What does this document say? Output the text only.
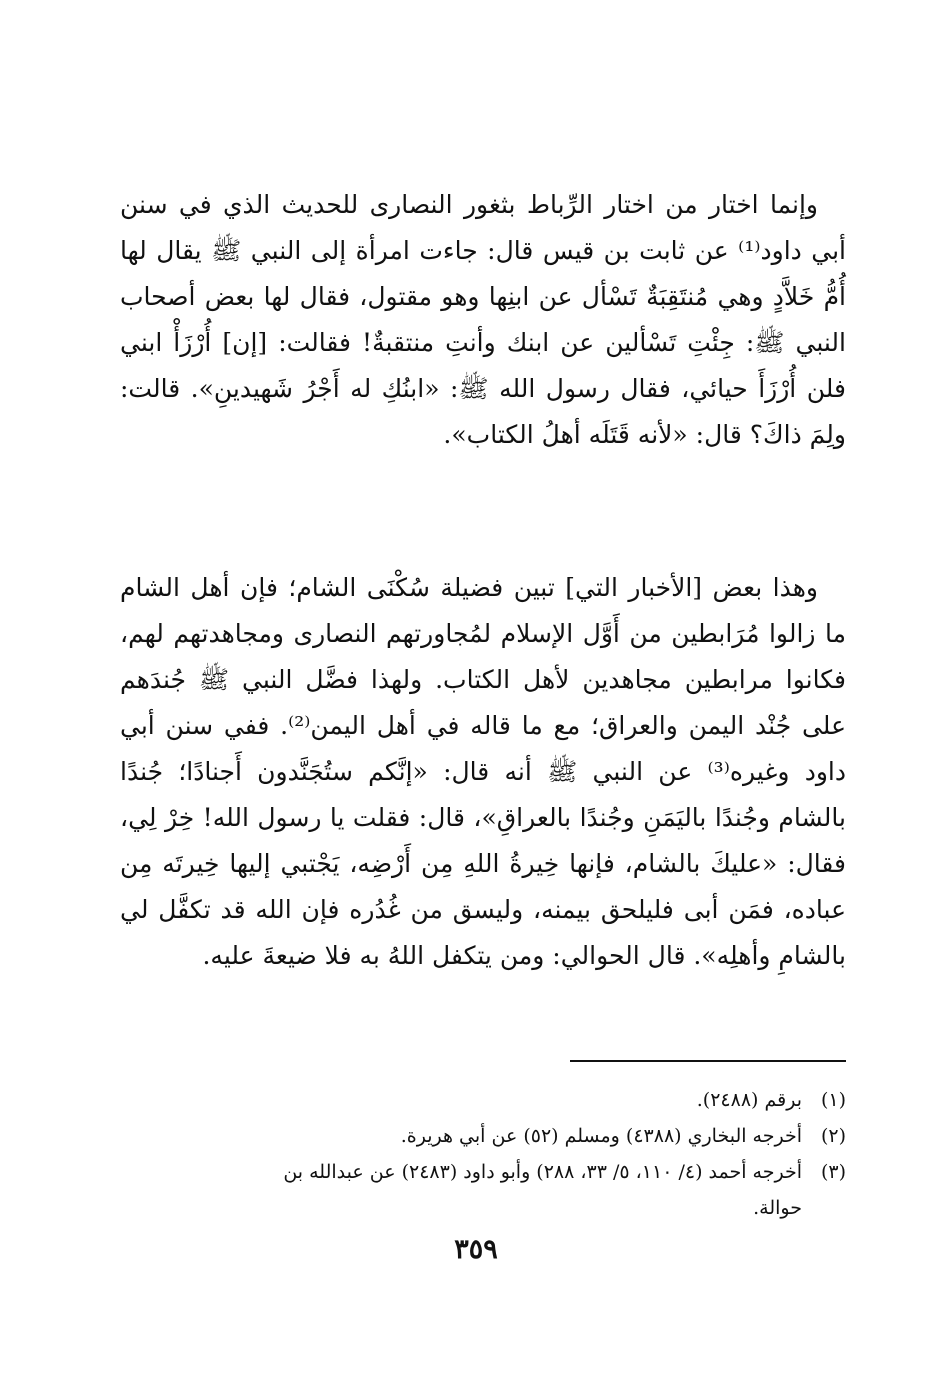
وإنما اختار من اختار الرِّباط بثغور النصارى للحديث الذي في سنن أبي داود⁽¹⁾ عن ثابت بن قيس قال: جاءت امرأة إلى النبي ﷺ يقال لها أُمُّ خَلاَّدٍ وهي مُنتَقِبَةٌ تَسْأل عن ابنِها وهو مقتول، فقال لها بعض أصحاب النبي ﷺ: جِئْتِ تَسْألين عن ابنك وأنتِ منتقبةٌ! فقالت: [إن] أُرْزَأْ ابني فلن أُرْزَأَ حيائي، فقال رسول الله ﷺ: «ابنُكِ له أَجْرُ شَهيدينِ». قالت: ولِمَ ذاكَ؟ قال: «لأنه قَتَلَه أهلُ الكتاب».

وهذا بعض [الأخبار التي] تبين فضيلة سُكْنَى الشام؛ فإن أهل الشام ما زالوا مُرَابطين من أَوَّل الإسلام لمُجاورتهم النصارى ومجاهدتهم لهم، فكانوا مرابطين مجاهدين لأهل الكتاب. ولهذا فضَّل النبي ﷺ جُندَهم على جُنْد اليمن والعراق؛ مع ما قاله في أهل اليمن⁽²⁾. ففي سنن أبي داود وغيره⁽³⁾ عن النبي ﷺ أنه قال: «إنَّكم ستُجَنَّدون أَجنادًا؛ جُندًا بالشام وجُندًا باليَمَنِ وجُندًا بالعراقِ»، قال: فقلت يا رسول الله! خِرْ لِي، فقال: «عليكَ بالشام، فإنها خِيرةُ اللهِ مِن أَرْضِه، يَجْتبي إليها خِيرتَه مِن عباده، فمَن أبى فليلحق بيمنه، وليسق من غُدُره فإن الله قد تكفَّل لي بالشامِ وأهلِه». قال الحوالي: ومن يتكفل اللهُ به فلا ضيعةَ عليه.

(١)برقم (٢٤٨٨).

(٢)أخرجه البخاري (٤٣٨٨) ومسلم (٥٢) عن أبي هريرة.

(٣)أخرجه أحمد (٤/ ١١٠، ٥/ ٣٣، ٢٨٨) وأبو داود (٢٤٨٣) عن عبدالله بن

حوالة.

٣٥٩
